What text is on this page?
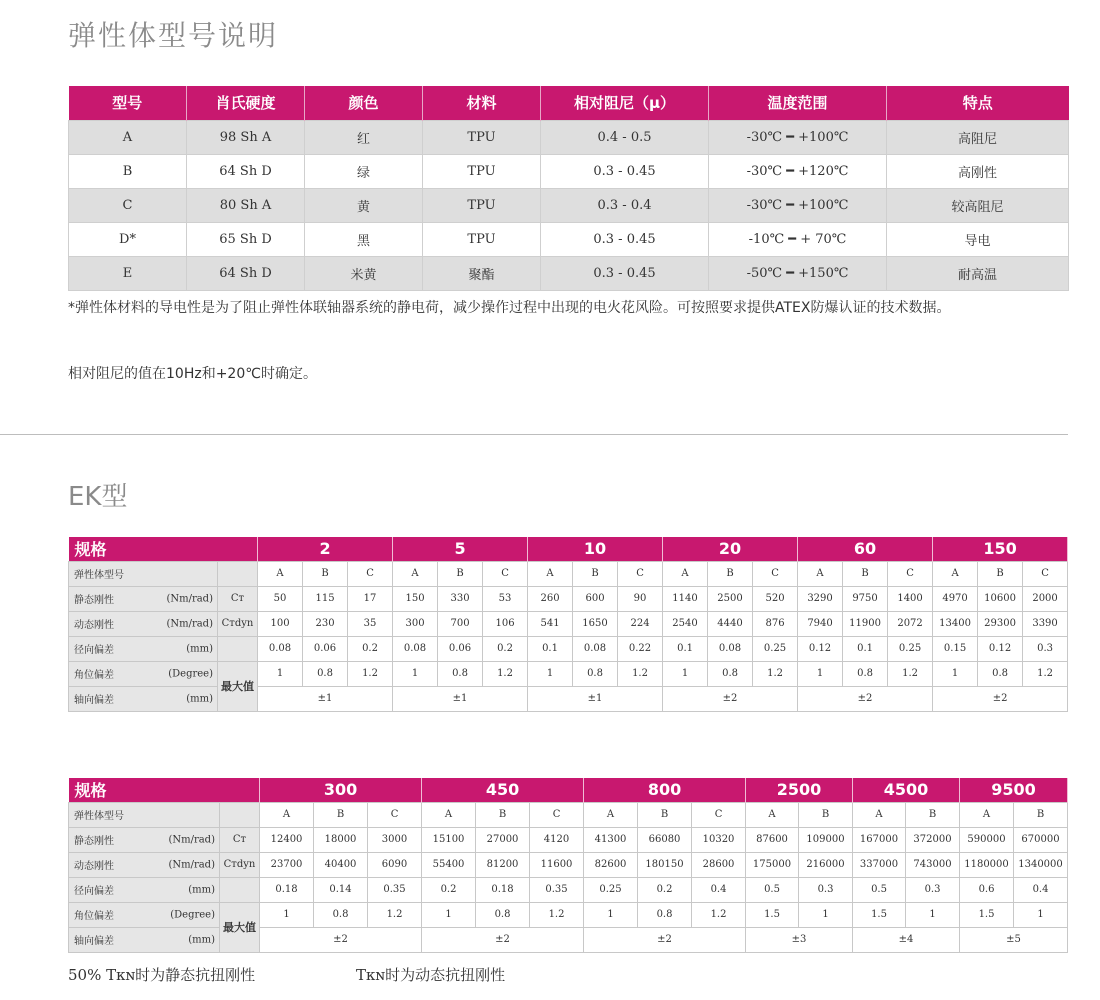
弹性体型号说明
型号	肖氏硬度	颜色	材料	相对阻尼（μ）	温度范围	特点
A	98 Sh A	红	TPU	0.4 - 0.5	-30℃ ━ +100℃	高阻尼
B	64 Sh D	绿	TPU	0.3 - 0.45	-30℃ ━ +120℃	高刚性
C	80 Sh A	黄	TPU	0.3 - 0.4	-30℃ ━ +100℃	较高阻尼
D*	65 Sh D	黑	TPU	0.3 - 0.45	-10℃ ━ + 70℃	导电
E	64 Sh D	米黄	聚酯	0.3 - 0.45	-50℃ ━ +150℃	耐高温
*弹性体材料的导电性是为了阻止弹性体联轴器系统的静电荷，减少操作过程中出现的电火花风险。可按照要求提供ATEX防爆认证的技术数据。
相对阻尼的值在10Hz和+20℃时确定。
EK型
规格		2			5			10			20			60			150		
弹性体型号		A	B	C	A	B	C	A	B	C	A	B	C	A	B	C	A	B	C
静态刚性 (Nm/rad)	Cᴛ	50	115	17	150	330	53	260	600	90	1140	2500	520	3290	9750	1400	4970	10600	2000
动态刚性 (Nm/rad)	Cᴛdyn	100	230	35	300	700	106	541	1650	224	2540	4440	876	7940	11900	2072	13400	29300	3390
径向偏差 (mm)		0.08	0.06	0.2	0.08	0.06	0.2	0.1	0.08	0.22	0.1	0.08	0.25	0.12	0.1	0.25	0.15	0.12	0.3
角位偏差 (Degree)	最大值	1	0.8	1.2	1	0.8	1.2	1	0.8	1.2	1	0.8	1.2	1	0.8	1.2	1	0.8	1.2
轴向偏差 (mm)		±1			±1			±1			±2			±2			±2		
规格		300			450			800			2500		4500		9500	
弹性体型号		A	B	C	A	B	C	A	B	C	A	B	A	B	A	B
静态刚性 (Nm/rad)	Cᴛ	12400	18000	3000	15100	27000	4120	41300	66080	10320	87600	109000	167000	372000	590000	670000
动态刚性 (Nm/rad)	Cᴛdyn	23700	40400	6090	55400	81200	11600	82600	180150	28600	175000	216000	337000	743000	1180000	1340000
径向偏差 (mm)		0.18	0.14	0.35	0.2	0.18	0.35	0.25	0.2	0.4	0.5	0.3	0.5	0.3	0.6	0.4
角位偏差 (Degree)	最大值	1	0.8	1.2	1	0.8	1.2	1	0.8	1.2	1.5	1	1.5	1	1.5	1
轴向偏差 (mm)		±2			±2			±2			±3		±4		±5	
50% Tᴋɴ时为静态抗扭刚性	Tᴋɴ时为动态抗扭刚性
